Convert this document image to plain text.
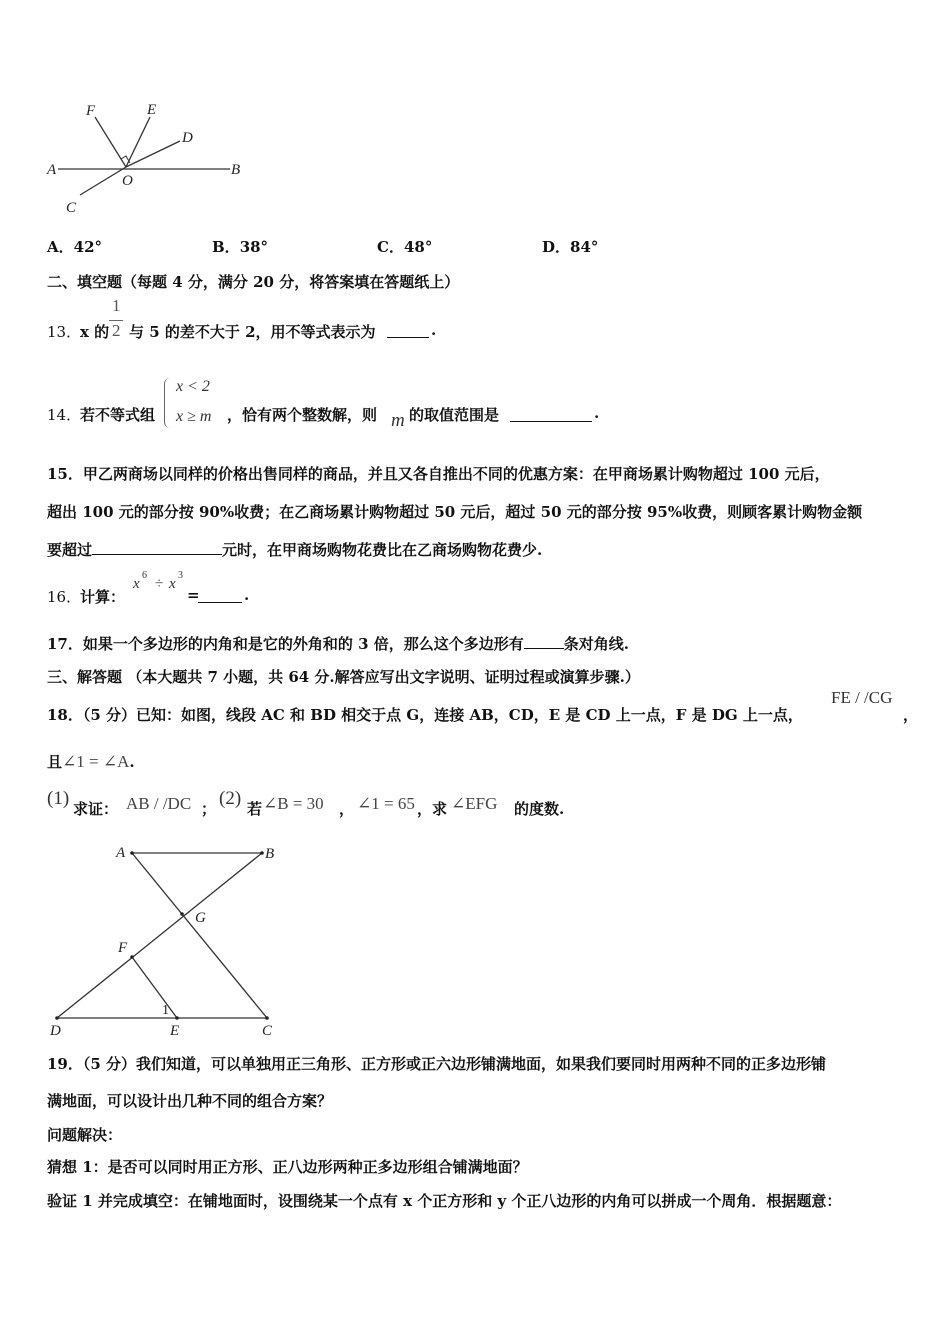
F	E
D
A
O
B
C
A．42°	B．38°	C．48°	D．84°
二、填空题（每题 4 分，满分 20 分，将答案填在答题纸上）
13．
x 的
1
2 与 5 的差不大于 2，用不等式表示为	.
14．
若不等式组
x < 2
x ≥ m ，恰有两个整数解，则 m 的取值范围是	.
15．甲乙两商场以同样的价格出售同样的商品，并且又各自推出不同的优惠方案：在甲商场累计购物超过 100 元后，
超出 100 元的部分按 90%收费；在乙商场累计购物超过 50 元后，超过 50 元的部分按 95%收费，则顾客累计购物金额
要超过	元时，在甲商场购物花费比在乙商场购物花费少.
16．
计算：
x
6
÷ x
3
=	.
17．如果一个多边形的内角和是它的外角和的 3 倍，那么这个多边形有	条对角线.
三、解答题 （本大题共 7 小题，共 64 分.解答应写出文字说明、证明过程或演算步骤.）
18．（5 分）已知：如图，线段 AC 和 BD 相交于点 G，连接 AB，CD，E 是 CD 上一点，F 是 DG 上一点，
FE / /CG
，
且∠1 = ∠A.
(1) 求证： AB / /DC ； (2) 若 ∠B = 30 ， ∠1 = 65 ，求 ∠EFG 的度数.
A	B
G
F
1
D	E	C
19．（5 分）我们知道，可以单独用正三角形、正方形或正六边形铺满地面，如果我们要同时用两种不同的正多边形铺
满地面，可以设计出几种不同的组合方案？
问题解决：
猜想 1：是否可以同时用正方形、正八边形两种正多边形组合铺满地面？
验证 1 并完成填空：在铺地面时，设围绕某一个点有 x 个正方形和 y 个正八边形的内角可以拼成一个周角．根据题意：
